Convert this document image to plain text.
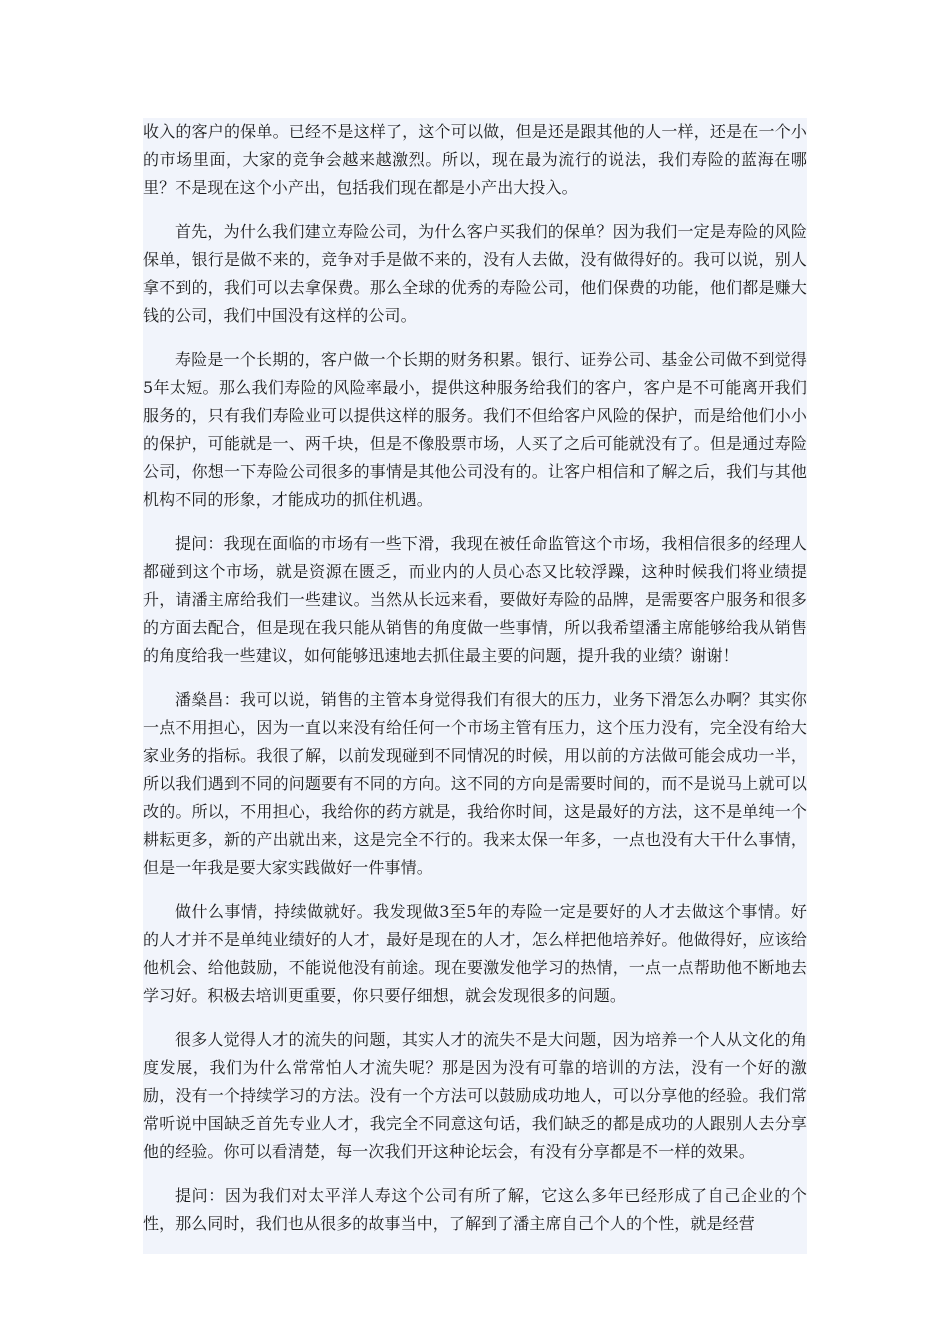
收入的客户的保单。已经不是这样了，这个可以做，但是还是跟其他的人一样，还是在一个小的市场里面，大家的竞争会越来越激烈。所以，现在最为流行的说法，我们寿险的蓝海在哪里？不是现在这个小产出，包括我们现在都是小产出大投入。

首先，为什么我们建立寿险公司，为什么客户买我们的保单？因为我们一定是寿险的风险保单，银行是做不来的，竞争对手是做不来的，没有人去做，没有做得好的。我可以说，别人拿不到的，我们可以去拿保费。那么全球的优秀的寿险公司，他们保费的功能，他们都是赚大钱的公司，我们中国没有这样的公司。

寿险是一个长期的，客户做一个长期的财务积累。银行、证券公司、基金公司做不到觉得5年太短。那么我们寿险的风险率最小，提供这种服务给我们的客户，客户是不可能离开我们服务的，只有我们寿险业可以提供这样的服务。我们不但给客户风险的保护，而是给他们小小的保护，可能就是一、两千块，但是不像股票市场，人买了之后可能就没有了。但是通过寿险公司，你想一下寿险公司很多的事情是其他公司没有的。让客户相信和了解之后，我们与其他机构不同的形象，才能成功的抓住机遇。

提问：我现在面临的市场有一些下滑，我现在被任命监管这个市场，我相信很多的经理人都碰到这个市场，就是资源在匮乏，而业内的人员心态又比较浮躁，这种时候我们将业绩提升，请潘主席给我们一些建议。当然从长远来看，要做好寿险的品牌，是需要客户服务和很多的方面去配合，但是现在我只能从销售的角度做一些事情，所以我希望潘主席能够给我从销售的角度给我一些建议，如何能够迅速地去抓住最主要的问题，提升我的业绩？谢谢！

潘燊昌：我可以说，销售的主管本身觉得我们有很大的压力，业务下滑怎么办啊？其实你一点不用担心，因为一直以来没有给任何一个市场主管有压力，这个压力没有，完全没有给大家业务的指标。我很了解，以前发现碰到不同情况的时候，用以前的方法做可能会成功一半，所以我们遇到不同的问题要有不同的方向。这不同的方向是需要时间的，而不是说马上就可以改的。所以，不用担心，我给你的药方就是，我给你时间，这是最好的方法，这不是单纯一个耕耘更多，新的产出就出来，这是完全不行的。我来太保一年多，一点也没有大干什么事情，但是一年我是要大家实践做好一件事情。

做什么事情，持续做就好。我发现做3至5年的寿险一定是要好的人才去做这个事情。好的人才并不是单纯业绩好的人才，最好是现在的人才，怎么样把他培养好。他做得好，应该给他机会、给他鼓励，不能说他没有前途。现在要激发他学习的热情，一点一点帮助他不断地去学习好。积极去培训更重要，你只要仔细想，就会发现很多的问题。

很多人觉得人才的流失的问题，其实人才的流失不是大问题，因为培养一个人从文化的角度发展，我们为什么常常怕人才流失呢？那是因为没有可靠的培训的方法，没有一个好的激励，没有一个持续学习的方法。没有一个方法可以鼓励成功地人，可以分享他的经验。我们常常听说中国缺乏首先专业人才，我完全不同意这句话，我们缺乏的都是成功的人跟别人去分享他的经验。你可以看清楚，每一次我们开这种论坛会，有没有分享都是不一样的效果。

提问：因为我们对太平洋人寿这个公司有所了解，它这么多年已经形成了自己企业的个性，那么同时，我们也从很多的故事当中，了解到了潘主席自己个人的个性，就是经营
